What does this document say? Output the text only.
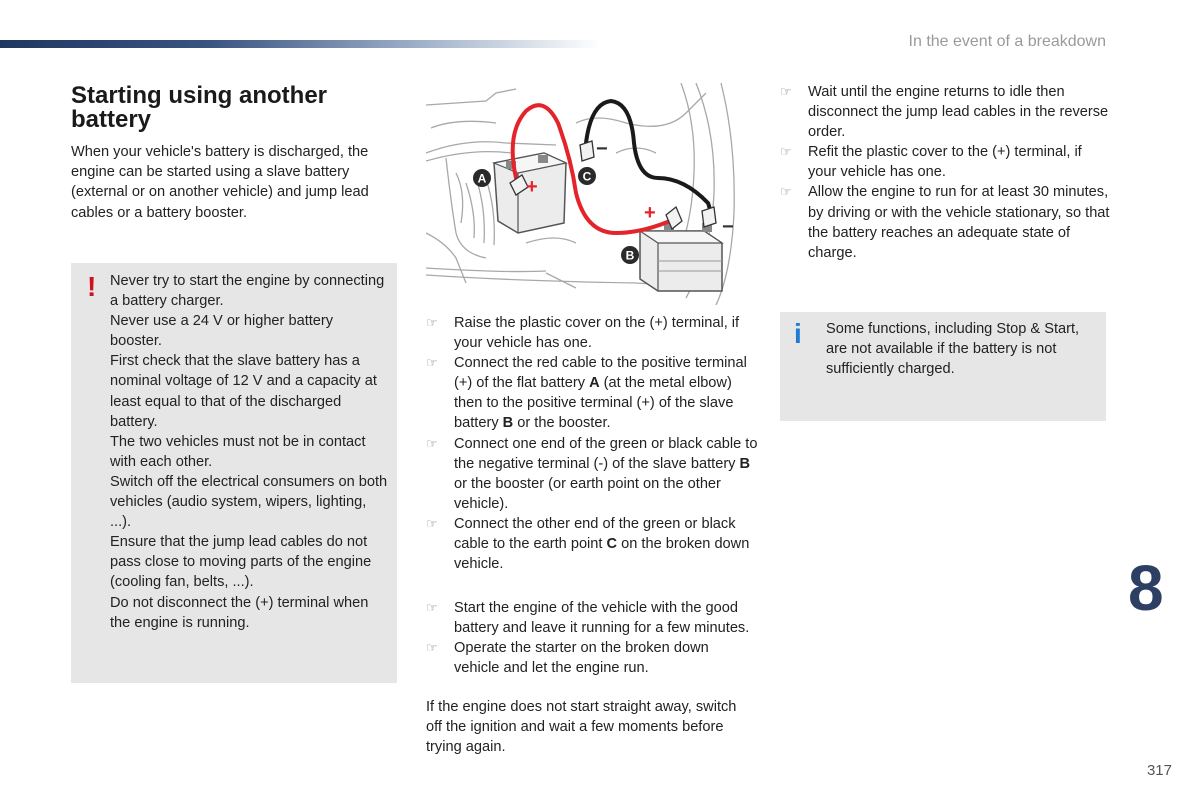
In the event of a breakdown
Starting using another battery
When your vehicle's battery is discharged, the engine can be started using a slave battery (external or on another vehicle) and jump lead cables or a battery booster.
! Never try to start the engine by connecting a battery charger.

Never use a 24 V or higher battery booster.

First check that the slave battery has a nominal voltage of 12 V and a capacity at least equal to that of the discharged battery.

The two vehicles must not be in contact with each other.

Switch off the electrical consumers on both vehicles (audio system, wipers, lighting, ...).

Ensure that the jump lead cables do not pass close to moving parts of the engine (cooling fan, belts, ...).

Do not disconnect the (+) terminal when the engine is running.

+
+
−
−
A	C
B
☞ Raise the plastic cover on the (+) terminal, if your vehicle has one.
☞ Connect the red cable to the positive terminal (+) of the flat battery A (at the metal elbow) then to the positive terminal (+) of the slave battery B or the booster.
☞ Connect one end of the green or black cable to the negative terminal (-) of the slave battery B or the booster (or earth point on the other vehicle).
☞ Connect the other end of the green or black cable to the earth point C on the broken down vehicle.
☞ Start the engine of the vehicle with the good battery and leave it running for a few minutes.
☞ Operate the starter on the broken down vehicle and let the engine run.
If the engine does not start straight away, switch off the ignition and wait a few moments before trying again.
☞ Wait until the engine returns to idle then disconnect the jump lead cables in the reverse order.
☞ Refit the plastic cover to the (+) terminal, if your vehicle has one.
☞ Allow the engine to run for at least 30 minutes, by driving or with the vehicle stationary, so that the battery reaches an adequate state of charge.
i Some functions, including Stop & Start, are not available if the battery is not sufficiently charged.
8
317
